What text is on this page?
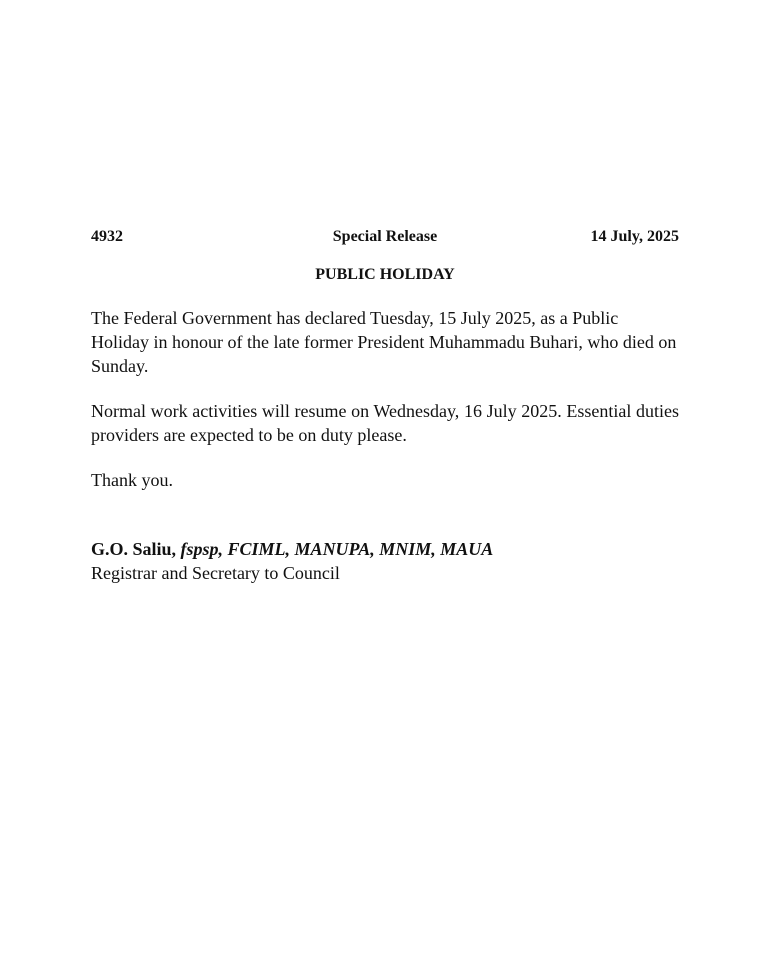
4932	Special Release	14 July, 2025
PUBLIC HOLIDAY

The Federal Government has declared Tuesday, 15 July 2025, as a Public Holiday in honour of the late former President Muhammadu Buhari, who died on Sunday.

Normal work activities will resume on Wednesday, 16 July 2025. Essential duties providers are expected to be on duty please.

Thank you.

G.O. Saliu, fspsp, FCIML, MANUPA, MNIM, MAUA
Registrar and Secretary to Council
